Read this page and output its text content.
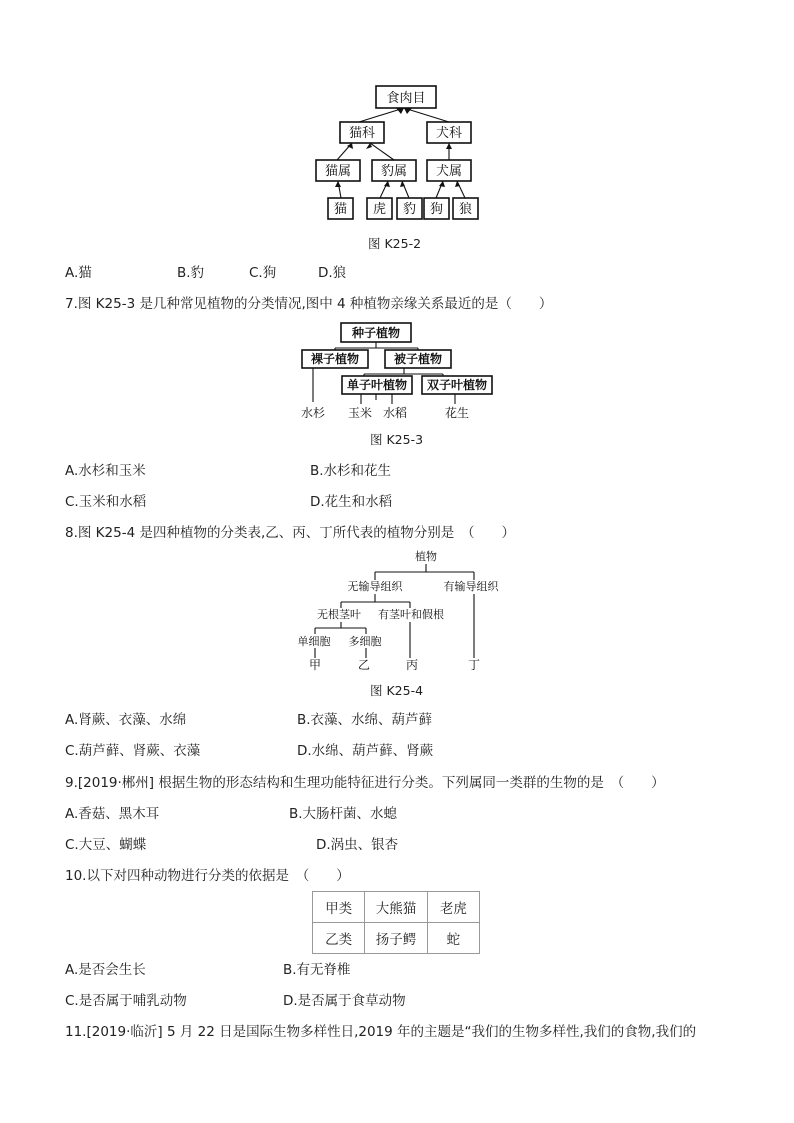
食肉目
猫科	犬科
猫属 豹属 犬属
猫 虎 豹 狗 狼
图 K25-2
A.猫	B.豹	C.狗	D.狼
7.图 K25-3 是几种常见植物的分类情况,图中 4 种植物亲缘关系最近的是（　　）
种子植物
裸子植物	被子植物
单子叶植物 双子叶植物
水杉 玉米 水稻	花生
图 K25-3
A.水杉和玉米	B.水杉和花生
C.玉米和水稻	D.花生和水稻
8.图 K25-4 是四种植物的分类表,乙、丙、丁所代表的植物分别是　（　　）
植物
无输导组织	有输导组织
无根茎叶 有茎叶和假根
单细胞 多细胞
甲	乙	丙	丁
图 K25-4
A.肾蕨、衣藻、水绵	B.衣藻、水绵、葫芦藓
C.葫芦藓、肾蕨、衣藻	D.水绵、葫芦藓、肾蕨
9.[2019·郴州] 根据生物的形态结构和生理功能特征进行分类。下列属同一类群的生物的是　（　　）
A.香菇、黑木耳	B.大肠杆菌、水螅
C.大豆、蝴蝶	D.涡虫、银杏
10.以下对四种动物进行分类的依据是　（　　）
甲类	大熊猫	老虎
乙类	扬子鳄	蛇
A.是否会生长	B.有无脊椎
C.是否属于哺乳动物	D.是否属于食草动物
11.[2019·临沂] 5 月 22 日是国际生物多样性日,2019 年的主题是“我们的生物多样性,我们的食物,我们的
